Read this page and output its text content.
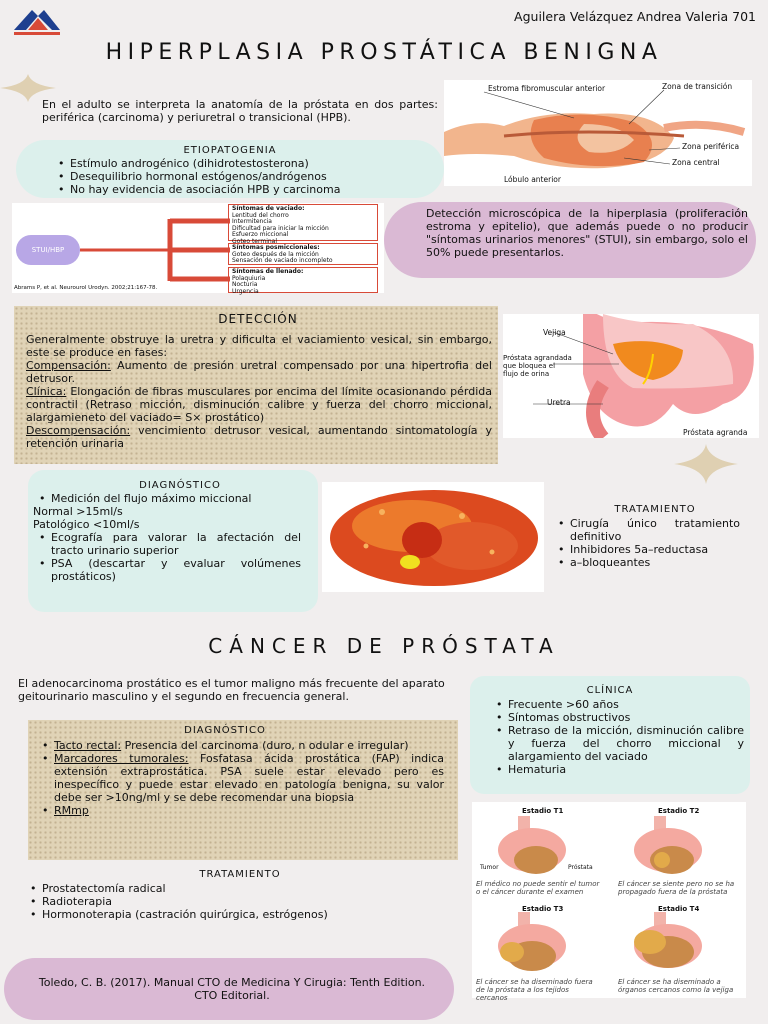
Aguilera Velázquez Andrea Valeria 701
HIPERPLASIA PROSTÁTICA BENIGNA
En el adulto se interpreta la anatomía de la próstata en dos partes: periférica (carcinoma) y periuretral o transicional (HPB).
Estroma fibromuscular anterior	Zona de transición
Zona periférica
Zona central
Lóbulo anterior
ETIOPATOGENIA
• Estímulo androgénico (dihidrotestosterona)
• Desequilibrio hormonal estógenos/andrógenos
• No hay evidencia de asociación HPB y carcinoma
STUI/HBP
Síntomas de vaciado:
Lentitud del chorro
Intermitencia
Dificultad para iniciar la micción
Esfuerzo miccional
Goteo terminal
Síntomas posmiccionales:
Goteo después de la micción
Sensación de vaciado incompleto
Síntomas de llenado:
Polaquiuria
Nocturia
Urgencia
Abrams P, et al. Neurourol Urodyn. 2002;21:167-78.
Detección microscópica de la hiperplasia (proliferación estroma y epitelio), que además puede o no producir "síntomas urinarios menores" (STUI), sin embargo, solo el 50% puede presentarlos.
DETECCIÓN
Generalmente obstruye la uretra y dificulta el vaciamiento vesical, sin embargo, este se produce en fases:
Compensación: Aumento de presión uretral compensado por una hipertrofia del detrusor.
Clínica: Elongación de fibras musculares por encima del límite ocasionando pérdida contractil (Retraso micción, disminución calibre y fuerza del chorro miccional, alargamieneto del vaciado= S× prostático)
Descompensación: vencimiento detrusor vesical, aumentando sintomatología y retención urinaria
Vejiga
Próstata agrandada
que bloquea el
flujo de orina
Uretra
Próstata agranda
DIAGNÓSTICO
• Medición del flujo máximo miccional
Normal >15ml/s
Patológico <10ml/s
• Ecografía para valorar la afectación del tracto urinario superior
• PSA (descartar y evaluar volúmenes prostáticos)
TRATAMIENTO
• Cirugía único tratamiento definitivo
• Inhibidores 5a–reductasa
• a–bloqueantes
CÁNCER DE PRÓSTATA
El adenocarcinoma prostático es el tumor maligno más frecuente del aparato geitourinario masculino y el segundo en frecuencia general.
DIAGNÓSTICO
• Tacto rectal: Presencia del carcinoma (duro, n odular e irregular)
• Marcadores tumorales: Fosfatasa ácida prostática (FAP) indica extensión extraprostática. PSA suele estar elevado pero es inespecífico y puede estar elevado en patología benigna, su valor debe ser >10ng/ml y se debe recomendar una biopsia
• RMmp
CLÍNICA
• Frecuente >60 años
• Síntomas obstructivos
• Retraso de la micción, disminución calibre y fuerza del chorro miccional y alargamiento del vaciado
• Hematuria
TRATAMIENTO
• Prostatectomía radical
• Radioterapia
• Hormonoterapia (castración quirúrgica, estrógenos)
Estadio T1	Estadio T2
Estadio T3	Estadio T4
Tumor	Próstata
El médico no puede sentir el tumor o el cáncer durante el examen
El cáncer se siente pero no se ha propagado fuera de la próstata
El cáncer se ha diseminado fuera de la próstata a los tejidos cercanos
El cáncer se ha diseminado a órganos cercanos como la vejiga
Toledo, C. B. (2017). Manual CTO de Medicina Y Cirugia: Tenth Edition. CTO Editorial.
